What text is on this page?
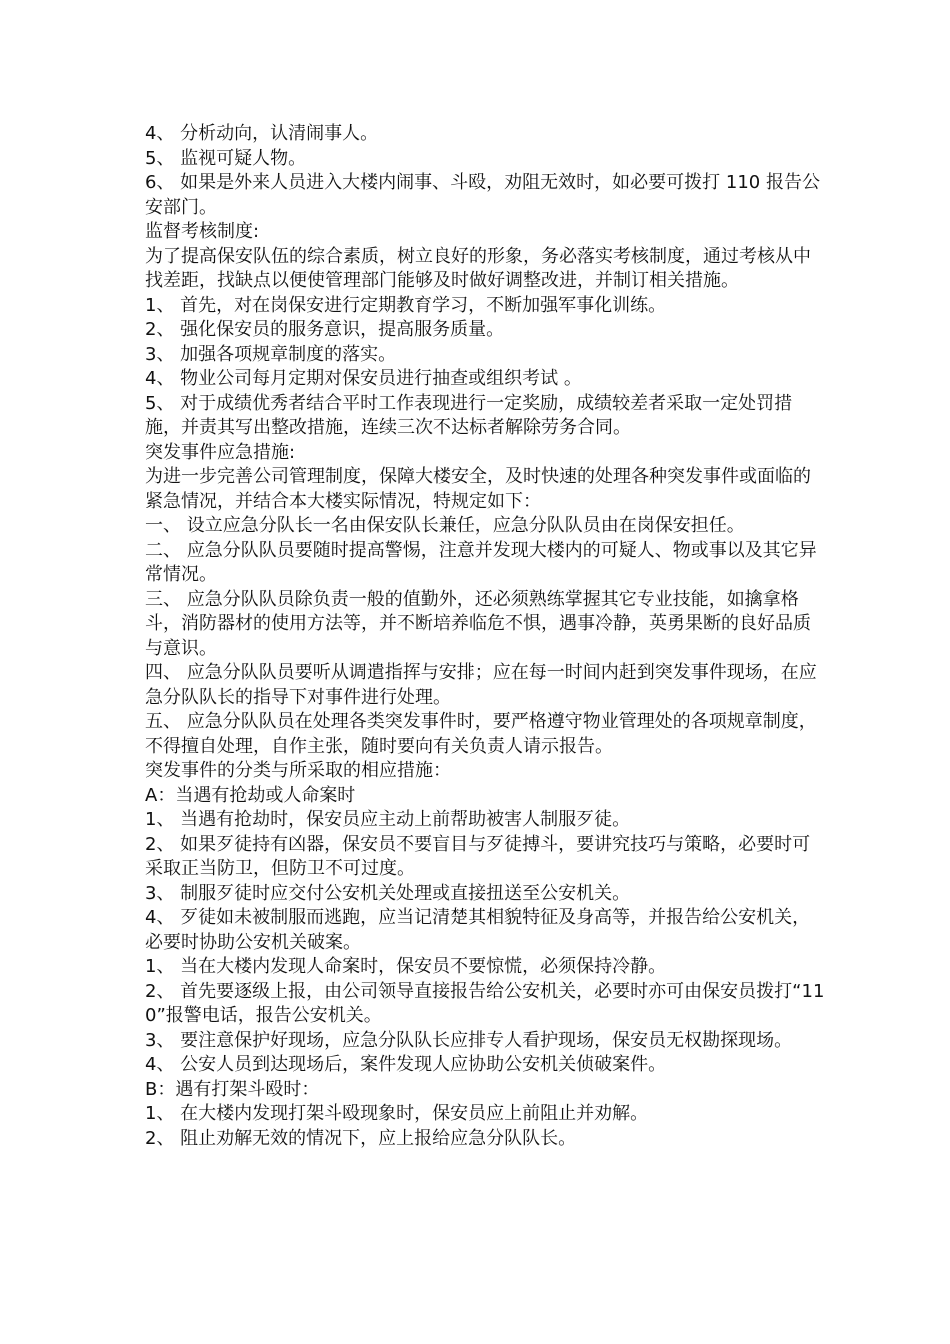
4、 分析动向，认清闹事人。

5、 监视可疑人物。

6、 如果是外来人员进入大楼内闹事、斗殴，劝阻无效时，如必要可拨打 110 报告公安部门。

监督考核制度:

为了提高保安队伍的综合素质，树立良好的形象，务必落实考核制度，通过考核从中找差距，找缺点以便使管理部门能够及时做好调整改进，并制订相关措施。

1、 首先，对在岗保安进行定期教育学习，不断加强军事化训练。

2、 强化保安员的服务意识，提高服务质量。

3、 加强各项规章制度的落实。

4、 物业公司每月定期对保安员进行抽查或组织考试 。

5、 对于成绩优秀者结合平时工作表现进行一定奖励，成绩较差者采取一定处罚措施，并责其写出整改措施，连续三次不达标者解除劳务合同。

突发事件应急措施:

为进一步完善公司管理制度，保障大楼安全，及时快速的处理各种突发事件或面临的紧急情况，并结合本大楼实际情况，特规定如下：

一、 设立应急分队长一名由保安队长兼任，应急分队队员由在岗保安担任。

二、 应急分队队员要随时提高警惕，注意并发现大楼内的可疑人、物或事以及其它异常情况。

三、 应急分队队员除负责一般的值勤外，还必须熟练掌握其它专业技能，如擒拿格斗，消防器材的使用方法等，并不断培养临危不惧，遇事冷静，英勇果断的良好品质与意识。

四、 应急分队队员要听从调遣指挥与安排；应在每一时间内赶到突发事件现场，在应急分队队长的指导下对事件进行处理。

五、 应急分队队员在处理各类突发事件时，要严格遵守物业管理处的各项规章制度，不得擅自处理，自作主张，随时要向有关负责人请示报告。

突发事件的分类与所采取的相应措施：

A：当遇有抢劫或人命案时

1、 当遇有抢劫时，保安员应主动上前帮助被害人制服歹徒。

2、 如果歹徒持有凶器，保安员不要盲目与歹徒搏斗，要讲究技巧与策略，必要时可采取正当防卫，但防卫不可过度。

3、 制服歹徒时应交付公安机关处理或直接扭送至公安机关。

4、 歹徒如未被制服而逃跑，应当记清楚其相貌特征及身高等，并报告给公安机关，必要时协助公安机关破案。

1、 当在大楼内发现人命案时，保安员不要惊慌，必须保持冷静。

2、 首先要逐级上报，由公司领导直接报告给公安机关，必要时亦可由保安员拨打“110”报警电话，报告公安机关。

3、 要注意保护好现场，应急分队队长应排专人看护现场，保安员无权勘探现场。

4、 公安人员到达现场后，案件发现人应协助公安机关侦破案件。

B：遇有打架斗殴时：

1、 在大楼内发现打架斗殴现象时，保安员应上前阻止并劝解。

2、 阻止劝解无效的情况下，应上报给应急分队队长。
